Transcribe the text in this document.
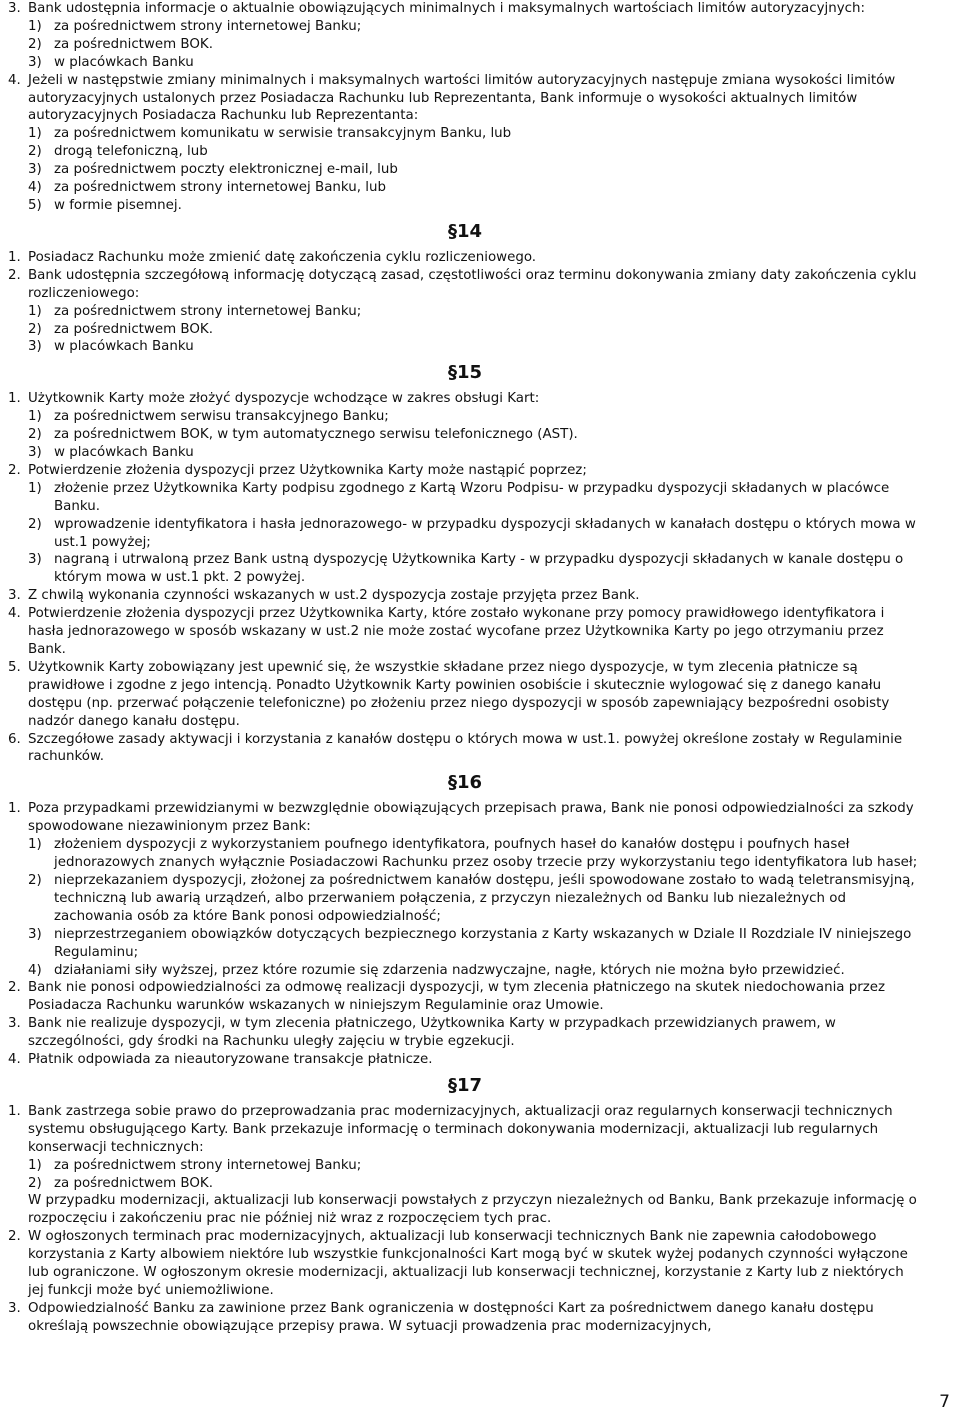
3. Bank udostępnia informacje o aktualnie obowiązujących minimalnych i maksymalnych wartościach limitów autoryzacyjnych:
1) za pośrednictwem strony internetowej Banku;
2) za pośrednictwem BOK.
3) w placówkach Banku
4. Jeżeli w następstwie zmiany minimalnych i maksymalnych wartości limitów autoryzacyjnych następuje zmiana wysokości limitów autoryzacyjnych ustalonych przez Posiadacza Rachunku lub Reprezentanta, Bank informuje o wysokości aktualnych limitów autoryzacyjnych Posiadacza Rachunku lub Reprezentanta:
1) za pośrednictwem komunikatu w serwisie transakcyjnym Banku, lub
2) drogą telefoniczną, lub
3) za pośrednictwem poczty elektronicznej e-mail, lub
4) za pośrednictwem strony internetowej Banku, lub
5) w formie pisemnej.
§14
1. Posiadacz Rachunku może zmienić datę zakończenia cyklu rozliczeniowego.
2. Bank udostępnia szczegółową informację dotyczącą zasad, częstotliwości oraz terminu dokonywania zmiany daty zakończenia cyklu rozliczeniowego:
1) za pośrednictwem strony internetowej Banku;
2) za pośrednictwem BOK.
3) w placówkach Banku
§15
1. Użytkownik Karty może złożyć dyspozycje wchodzące w zakres obsługi Kart:
1) za pośrednictwem serwisu transakcyjnego Banku;
2) za pośrednictwem BOK, w tym automatycznego serwisu telefonicznego (AST).
3) w placówkach Banku
2. Potwierdzenie złożenia dyspozycji przez Użytkownika Karty może nastąpić poprzez;
1) złożenie przez Użytkownika Karty podpisu zgodnego z Kartą Wzoru Podpisu- w przypadku dyspozycji składanych w placówce Banku.
2) wprowadzenie identyfikatora i hasła jednorazowego- w przypadku dyspozycji składanych w kanałach dostępu o których mowa w ust.1 powyżej;
3) nagraną i utrwaloną przez Bank ustną dyspozycję Użytkownika Karty - w przypadku dyspozycji składanych w kanale dostępu o którym mowa w ust.1 pkt. 2 powyżej.
3. Z chwilą wykonania czynności wskazanych w ust.2 dyspozycja zostaje przyjęta przez Bank.
4. Potwierdzenie złożenia dyspozycji przez Użytkownika Karty, które zostało wykonane przy pomocy prawidłowego identyfikatora i hasła jednorazowego w sposób wskazany w ust.2 nie może zostać wycofane przez Użytkownika Karty po jego otrzymaniu przez Bank.
5. Użytkownik Karty zobowiązany jest upewnić się, że wszystkie składane przez niego dyspozycje, w tym zlecenia płatnicze są prawidłowe i zgodne z jego intencją. Ponadto Użytkownik Karty powinien osobiście i skutecznie wylogować się z danego kanału dostępu (np. przerwać połączenie telefoniczne) po złożeniu przez niego dyspozycji w sposób zapewniający bezpośredni osobisty nadzór danego kanału dostępu.
6. Szczegółowe zasady aktywacji i korzystania z kanałów dostępu o których mowa w ust.1. powyżej określone zostały w Regulaminie rachunków.
§16
1. Poza przypadkami przewidzianymi w bezwzględnie obowiązujących przepisach prawa, Bank nie ponosi odpowiedzialności za szkody spowodowane niezawinionym przez Bank:
1) złożeniem dyspozycji z wykorzystaniem poufnego identyfikatora, poufnych haseł do kanałów dostępu i poufnych haseł jednorazowych znanych wyłącznie Posiadaczowi Rachunku przez osoby trzecie przy wykorzystaniu tego identyfikatora lub haseł;
2) nieprzekazaniem dyspozycji, złożonej za pośrednictwem kanałów dostępu, jeśli spowodowane zostało to wadą teletransmisyjną, techniczną lub awarią urządzeń, albo przerwaniem połączenia, z przyczyn niezależnych od Banku lub niezależnych od zachowania osób za które Bank ponosi odpowiedzialność;
3) nieprzestrzeganiem obowiązków dotyczących bezpiecznego korzystania z Karty wskazanych w Dziale II Rozdziale IV niniejszego Regulaminu;
4) działaniami siły wyższej, przez które rozumie się zdarzenia nadzwyczajne, nagłe, których nie można było przewidzieć.
2. Bank nie ponosi odpowiedzialności za odmowę realizacji dyspozycji, w tym zlecenia płatniczego na skutek niedochowania przez Posiadacza Rachunku warunków wskazanych w niniejszym Regulaminie oraz Umowie.
3. Bank nie realizuje dyspozycji, w tym zlecenia płatniczego, Użytkownika Karty w przypadkach przewidzianych prawem, w szczególności, gdy środki na Rachunku uległy zajęciu w trybie egzekucji.
4. Płatnik odpowiada za nieautoryzowane transakcje płatnicze.
§17
1. Bank zastrzega sobie prawo do przeprowadzania prac modernizacyjnych, aktualizacji oraz regularnych konserwacji technicznych systemu obsługującego Karty. Bank przekazuje informację o terminach dokonywania modernizacji, aktualizacji lub regularnych konserwacji technicznych:
1) za pośrednictwem strony internetowej Banku;
2) za pośrednictwem BOK.
W przypadku modernizacji, aktualizacji lub konserwacji powstałych z przyczyn niezależnych od Banku, Bank przekazuje informację o rozpoczęciu i zakończeniu prac nie później niż wraz z rozpoczęciem tych prac.
2. W ogłoszonych terminach prac modernizacyjnych, aktualizacji lub konserwacji technicznych Bank nie zapewnia całodobowego korzystania z Karty albowiem niektóre lub wszystkie funkcjonalności Kart mogą być w skutek wyżej podanych czynności wyłączone lub ograniczone. W ogłoszonym okresie modernizacji, aktualizacji lub konserwacji technicznej, korzystanie z Karty lub z niektórych jej funkcji może być uniemożliwione.
3. Odpowiedzialność Banku za zawinione przez Bank ograniczenia w dostępności Kart za pośrednictwem danego kanału dostępu określają powszechnie obowiązujące przepisy prawa. W sytuacji prowadzenia prac modernizacyjnych,
7
